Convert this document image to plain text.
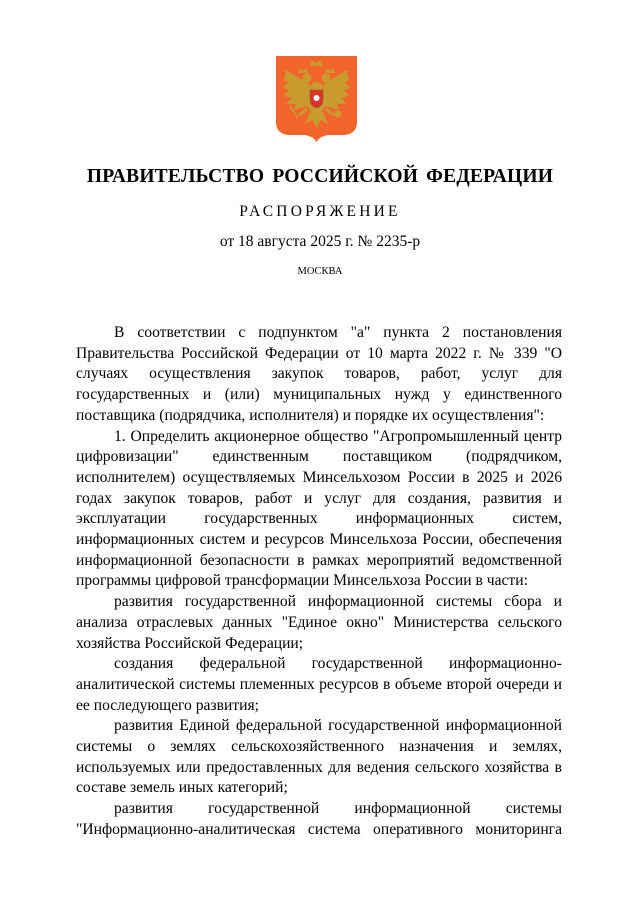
ПРАВИТЕЛЬСТВО РОССИЙСКОЙ ФЕДЕРАЦИИ
РАСПОРЯЖЕНИЕ
от 18 августа 2025 г. № 2235-р
МОСКВА

В соответствии с подпунктом "а" пункта 2 постановления Правительства Российской Федерации от 10 марта 2022 г. № 339 "О случаях осуществления закупок товаров, работ, услуг для государственных и (или) муниципальных нужд у единственного поставщика (подрядчика, исполнителя) и порядке их осуществления":

1. Определить акционерное общество "Агропромышленный центр цифровизации" единственным поставщиком (подрядчиком, исполнителем) осуществляемых Минсельхозом России в 2025 и 2026 годах закупок товаров, работ и услуг для создания, развития и эксплуатации государственных информационных систем, информационных систем и ресурсов Минсельхоза России, обеспечения информационной безопасности в рамках мероприятий ведомственной программы цифровой трансформации Минсельхоза России в части:

развития государственной информационной системы сбора и анализа отраслевых данных "Единое окно" Министерства сельского хозяйства Российской Федерации;

создания федеральной государственной информационно-аналитической системы племенных ресурсов в объеме второй очереди и ее последующего развития;

развития Единой федеральной государственной информационной системы о землях сельскохозяйственного назначения и землях, используемых или предоставленных для ведения сельского хозяйства в составе земель иных категорий;

развития государственной информационной системы "Информационно-аналитическая система оперативного мониторинга
